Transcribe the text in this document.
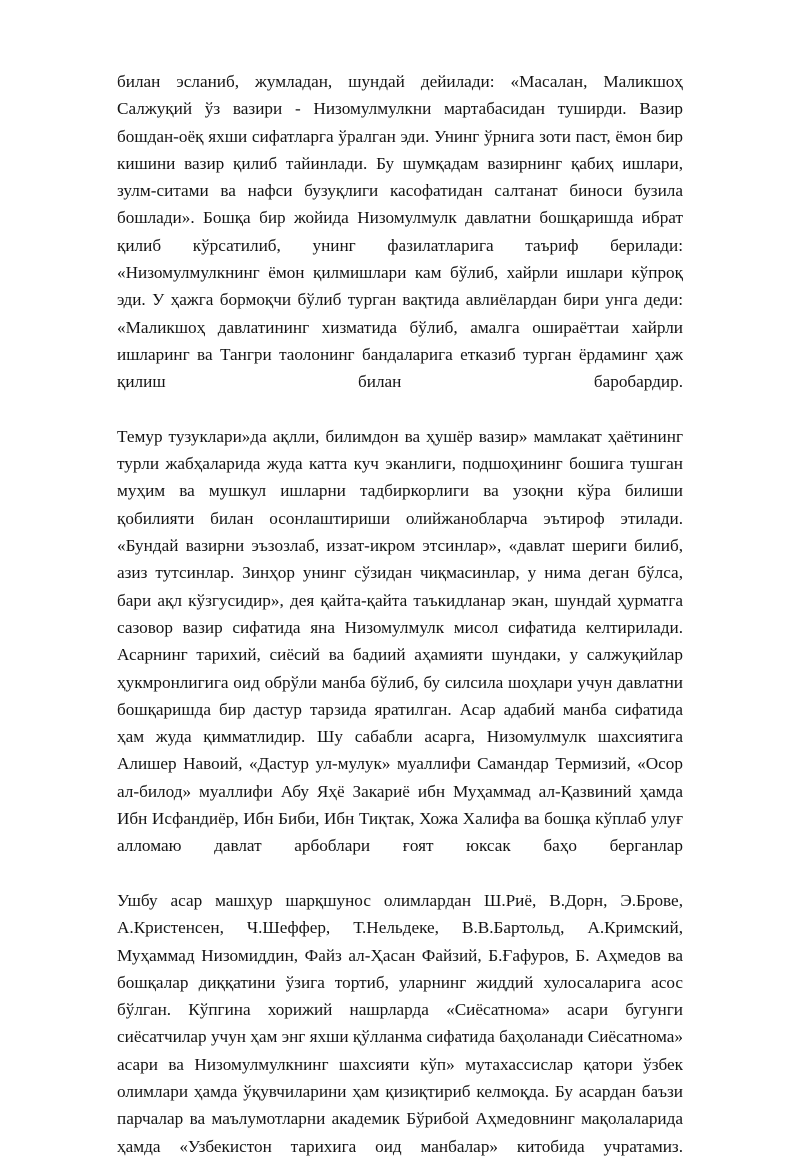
билан эсланиб, жумладан, шундай дейилади: «Масалан, Маликшоҳ Салжуқий ўз вазири - Низомулмулкни мартабасидан туширди. Вазир бошдан-оёқ яхши сифатларга ўралган эди. Унинг ўрнига зоти паст, ёмон бир кишини вазир қилиб тайинлади. Бу шумқадам вазирнинг қабиҳ ишлари, зулм-ситами ва нафси бузуқлиги касофатидан салтанат биноси бузила бошлади». Бошқа бир жойида Низомулмулк давлатни бошқаришда ибрат қилиб кўрсатилиб, унинг фазилатларига таъриф берилади: «Низомулмулкнинг ёмон қилмишлари кам бўлиб, хайрли ишлари кўпроқ эди. У ҳажга бормоқчи бўлиб турган вақтида авлиёлардан бири унга деди: «Маликшоҳ давлатининг хизматида бўлиб, амалга ошираёттаи хайрли ишларинг ва Тангри таолонинг бандаларига етказиб турган ёрдаминг ҳаж қилиш билан баробардир.

Темур тузуклари»да ақлли, билимдон ва ҳушёр вазир» мамлакат ҳаётининг турли жабҳаларида жуда катта куч эканлиги, подшоҳининг бошига тушган муҳим ва мушкул ишларни тадбиркорлиги ва узоқни кўра билиши қобилияти билан осонлаштириши олийжанобларча эътироф этилади. «Бундай вазирни эъзозлаб, иззат-икром этсинлар», «давлат шериги билиб, азиз тутсинлар. Зинҳор унинг сўзидан чиқмасинлар, у нима деган бўлса, бари ақл кўзгусидир», дея қайта-қайта таъкидланар экан, шундай ҳурматга сазовор вазир сифатида яна Низомулмулк мисол сифатида келтирилади. Асарнинг тарихий, сиёсий ва бадиий аҳамияти шундаки, у салжуқийлар ҳукмронлигига оид обрўли манба бўлиб, бу силсила шоҳлари учун давлатни бошқаришда бир дастур тарзида яратилган. Асар адабий манба сифатида ҳам жуда қимматлидир. Шу сабабли асарга, Низомулмулк шахсиятига Алишер Навоий, «Дастур ул-мулук» муаллифи Самандар Термизий, «Осор ал-билод» муаллифи Абу Яҳё Закариё ибн Муҳаммад ал-Қазвиний ҳамда Ибн Исфандиёр, Ибн Биби, Ибн Тиқтак, Хожа Халифа ва бошқа кўплаб улуғ алломаю давлат арбоблари ғоят юксак баҳо берганлар

Ушбу асар машҳур шарқшунос олимлардан Ш.Риё, В.Дорн, Э.Брове, А.Кристенсен, Ч.Шеффер, Т.Нельдеке, В.В.Бартольд, А.Кримский, Муҳаммад Низомиддин, Файз ал-Ҳасан Файзий, Б.Ғафуров, Б. Аҳмедов ва бошқалар диққатини ўзига тортиб, уларнинг жиддий хулосаларига асос бўлган. Кўпгина хорижий нашрларда «Сиёсатнома» асари бугунги сиёсатчилар учун ҳам энг яхши қўлланма сифатида баҳоланади Сиёсатнома» асари ва Низомулмулкнинг шахсияти кўп» мутахассислар қатори ўзбек олимлари ҳамда ўқувчиларини ҳам қизиқтириб келмоқда. Бу асардан баъзи парчалар ва маълумотларни академик Бўрибой Аҳмедовнинг мақолаларида ҳамда «Узбекистон тарихига оид манбалар» китобида учратамиз.
